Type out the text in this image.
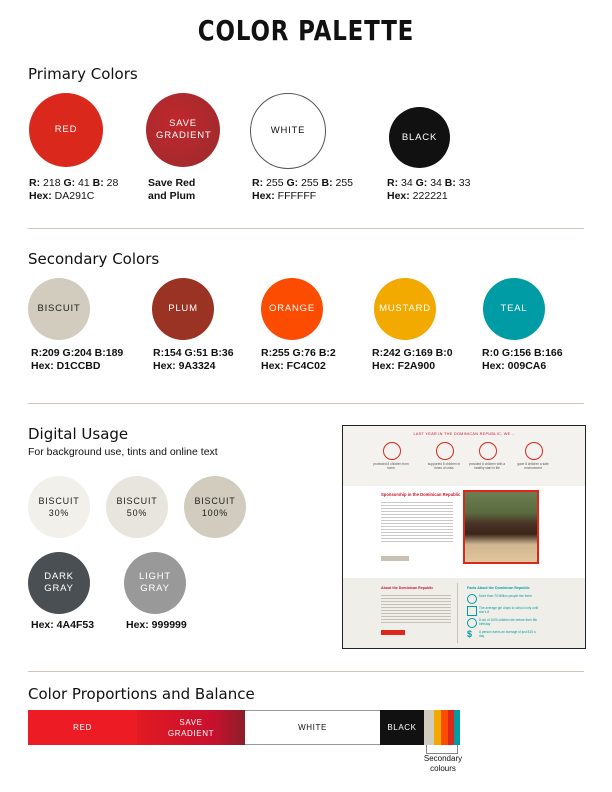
COLOR PALETTE
Primary Colors
RED
SAVE GRADIENT	WHITE
BLACK
R: 218 G: 41 B: 28
Hex: DA291C
Save Red
and Plum
R: 255 G: 255 B: 255
Hex: FFFFFF
R: 34 G: 34 B: 33
Hex: 222221
Secondary Colors
BISCUIT	PLUM	ORANGE	MUSTARD	TEAL
R:209 G:204 B:189
Hex: D1CCBD
R:154 G:51 B:36
Hex: 9A3324
R:255 G:76 B:2
Hex: FC4C02
R:242 G:169 B:0
Hex: F2A900
R:0 G:156 B:166
Hex: 009CA6
Digital Usage
For background use, tints and online text
BISCUIT
30%
BISCUIT
50%
BISCUIT
100%
DARK
GRAY
LIGHT
GRAY
Hex: 4A4F53	Hex: 999999
LAST YEAR IN THE DOMINICAN REPUBLIC, WE...
protected 8 children from harm
supported 8 children in times of crisis
provided 8 children with a healthy start in life
gave 8 children a safe environment
Sponsorship in the Dominican Republic
About the Dominican Republic	Facts About the Dominican Republic
$
More than 70 Million people live there
The average girl drops to school only until she's 8
8 out of 1000 children die before their 5th birthday
A person earns an average of just $15 a day
Color Proportions and Balance
RED
SAVE GRADIENT
WHITE	BLACK
Secondary colours
